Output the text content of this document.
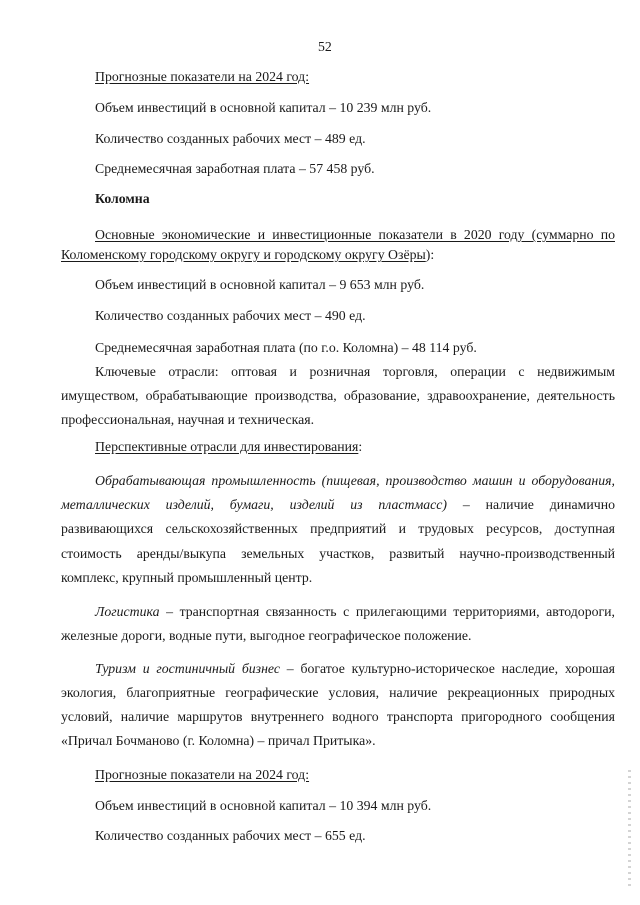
52
Прогнозные показатели на 2024 год:
Объем инвестиций в основной капитал – 10 239 млн руб.
Количество созданных рабочих мест – 489 ед.
Среднемесячная заработная плата – 57 458 руб.
Коломна
Основные экономические и инвестиционные показатели в 2020 году (суммарно по
Коломенскому городскому округу и городскому округу Озёры):
Объем инвестиций в основной капитал – 9 653 млн руб.
Количество созданных рабочих мест – 490 ед.
Среднемесячная заработная плата (по г.о. Коломна) – 48 114 руб.
Ключевые отрасли: оптовая и розничная торговля, операции с недвижимым
имуществом, обрабатывающие производства, образование, здравоохранение, деятельность
профессиональная, научная и техническая.
Перспективные отрасли для инвестирования:
Обрабатывающая промышленность (пищевая, производство машин и оборудования,
металлических изделий, бумаги, изделий из пластмасс) – наличие динамично
развивающихся сельскохозяйственных предприятий и трудовых ресурсов, доступная
стоимость аренды/выкупа земельных участков, развитый научно-производственный
комплекс, крупный промышленный центр.
Логистика – транспортная связанность с прилегающими территориями, автодороги,
железные дороги, водные пути, выгодное географическое положение.
Туризм и гостиничный бизнес – богатое культурно-историческое наследие, хорошая
экология, благоприятные географические условия, наличие рекреационных природных
условий, наличие маршрутов внутреннего водного транспорта пригородного сообщения
«Причал Бочманово (г. Коломна) – причал Притыка».
Прогнозные показатели на 2024 год:
Объем инвестиций в основной капитал – 10 394 млн руб.
Количество созданных рабочих мест – 655 ед.
